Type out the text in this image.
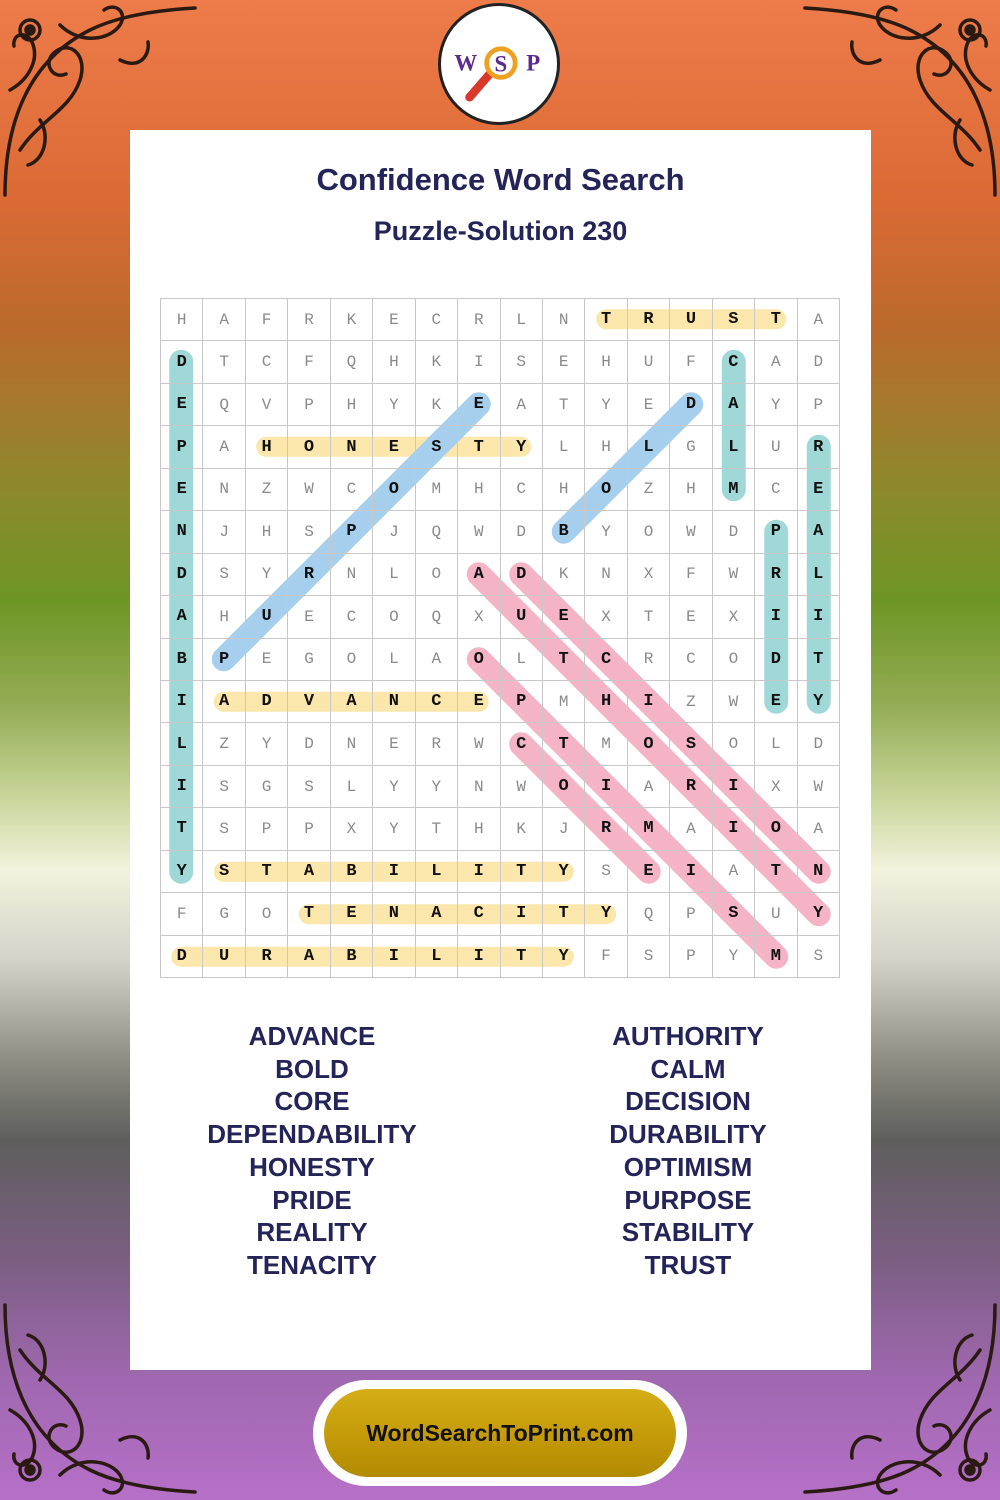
W S P
Confidence Word Search
Puzzle-Solution 230
H	A	F	R	K	E	C	R	L	N	T	R	U	S	T	A
D	T	C	F	Q	H	K	I	S	E	H	U	F	C	A	D
E	Q	V	P	H	Y	K	E	A	T	Y	E	D	A	Y	P
P	A	H	O	N	E	S	T	Y	L	H	L	G	L	U	R
E	N	Z	W	C	O	M	H	C	H	O	Z	H	M	C	E
N	J	H	S	P	J	Q	W	D	B	Y	O	W	D	P	A
D	S	Y	R	N	L	O	A	D	K	N	X	F	W	R	L
A	H	U	E	C	O	Q	X	U	E	X	T	E	X	I	I
B	P	E	G	O	L	A	O	L	T	C	R	C	O	D	T
I	A	D	V	A	N	C	E	P	M	H	I	Z	W	E	Y
L	Z	Y	D	N	E	R	W	C	T	M	O	S	O	L	D
I	S	G	S	L	Y	Y	N	W	O	I	A	R	I	X	W
T	S	P	P	X	Y	T	H	K	J	R	M	A	I	O	A
Y	S	T	A	B	I	L	I	T	Y	S	E	I	A	T	N
F	G	O	T	E	N	A	C	I	T	Y	Q	P	S	U	Y
D	U	R	A	B	I	L	I	T	Y	F	S	P	Y	M	S
ADVANCE
BOLD
CORE
DEPENDABILITY
HONESTY
PRIDE
REALITY
TENACITY
AUTHORITY
CALM
DECISION
DURABILITY
OPTIMISM
PURPOSE
STABILITY
TRUST
WordSearchToPrint.com
